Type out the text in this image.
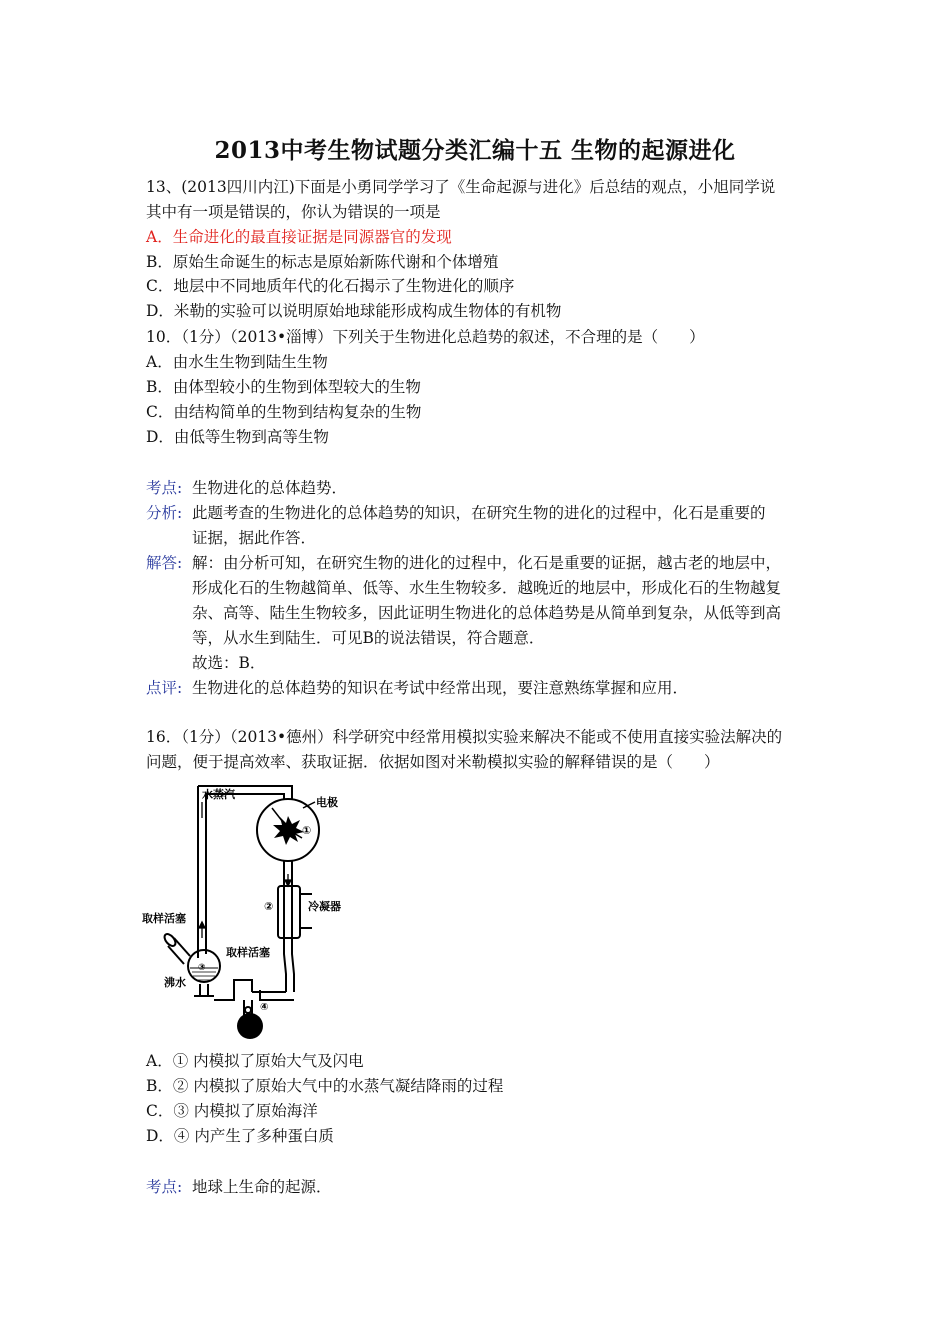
2013中考生物试题分类汇编十五 生物的起源进化
13、(2013四川内江)下面是小勇同学学习了《生命起源与进化》后总结的观点，小旭同学说
其中有一项是错误的，你认为错误的一项是
A．生命进化的最直接证据是同源器官的发现
B．原始生命诞生的标志是原始新陈代谢和个体增殖
C．地层中不同地质年代的化石揭示了生物进化的顺序
D．米勒的实验可以说明原始地球能形成构成生物体的有机物
10．（1分）（2013•淄博）下列关于生物进化总趋势的叙述，不合理的是（　　）
A．由水生生物到陆生生物
B．由体型较小的生物到体型较大的生物
C．由结构简单的生物到结构复杂的生物
D．由低等生物到高等生物
考点: 生物进化的总体趋势．
分析: 此题考查的生物进化的总体趋势的知识，在研究生物的进化的过程中，化石是重要的
证据，据此作答．
解答: 解：由分析可知，在研究生物的进化的过程中，化石是重要的证据，越古老的地层中，
形成化石的生物越简单、低等、水生生物较多．越晚近的地层中，形成化石的生物越复
杂、高等、陆生生物较多，因此证明生物进化的总体趋势是从简单到复杂，从低等到高
等，从水生到陆生．可见B的说法错误，符合题意．
故选：B．
点评: 生物进化的总体趋势的知识在考试中经常出现，要注意熟练掌握和应用．
16．（1分）（2013•德州）科学研究中经常用模拟实验来解决不能或不使用直接实验法解决的
问题，便于提高效率、获取证据．依据如图对米勒模拟实验的解释错误的是（　　）
水蒸汽
电极
①
②	冷凝器
取样活塞
取样活塞
沸水
③
④
A．① 内模拟了原始大气及闪电
B．② 内模拟了原始大气中的水蒸气凝结降雨的过程
C．③ 内模拟了原始海洋
D．④ 内产生了多种蛋白质
考点: 地球上生命的起源．
